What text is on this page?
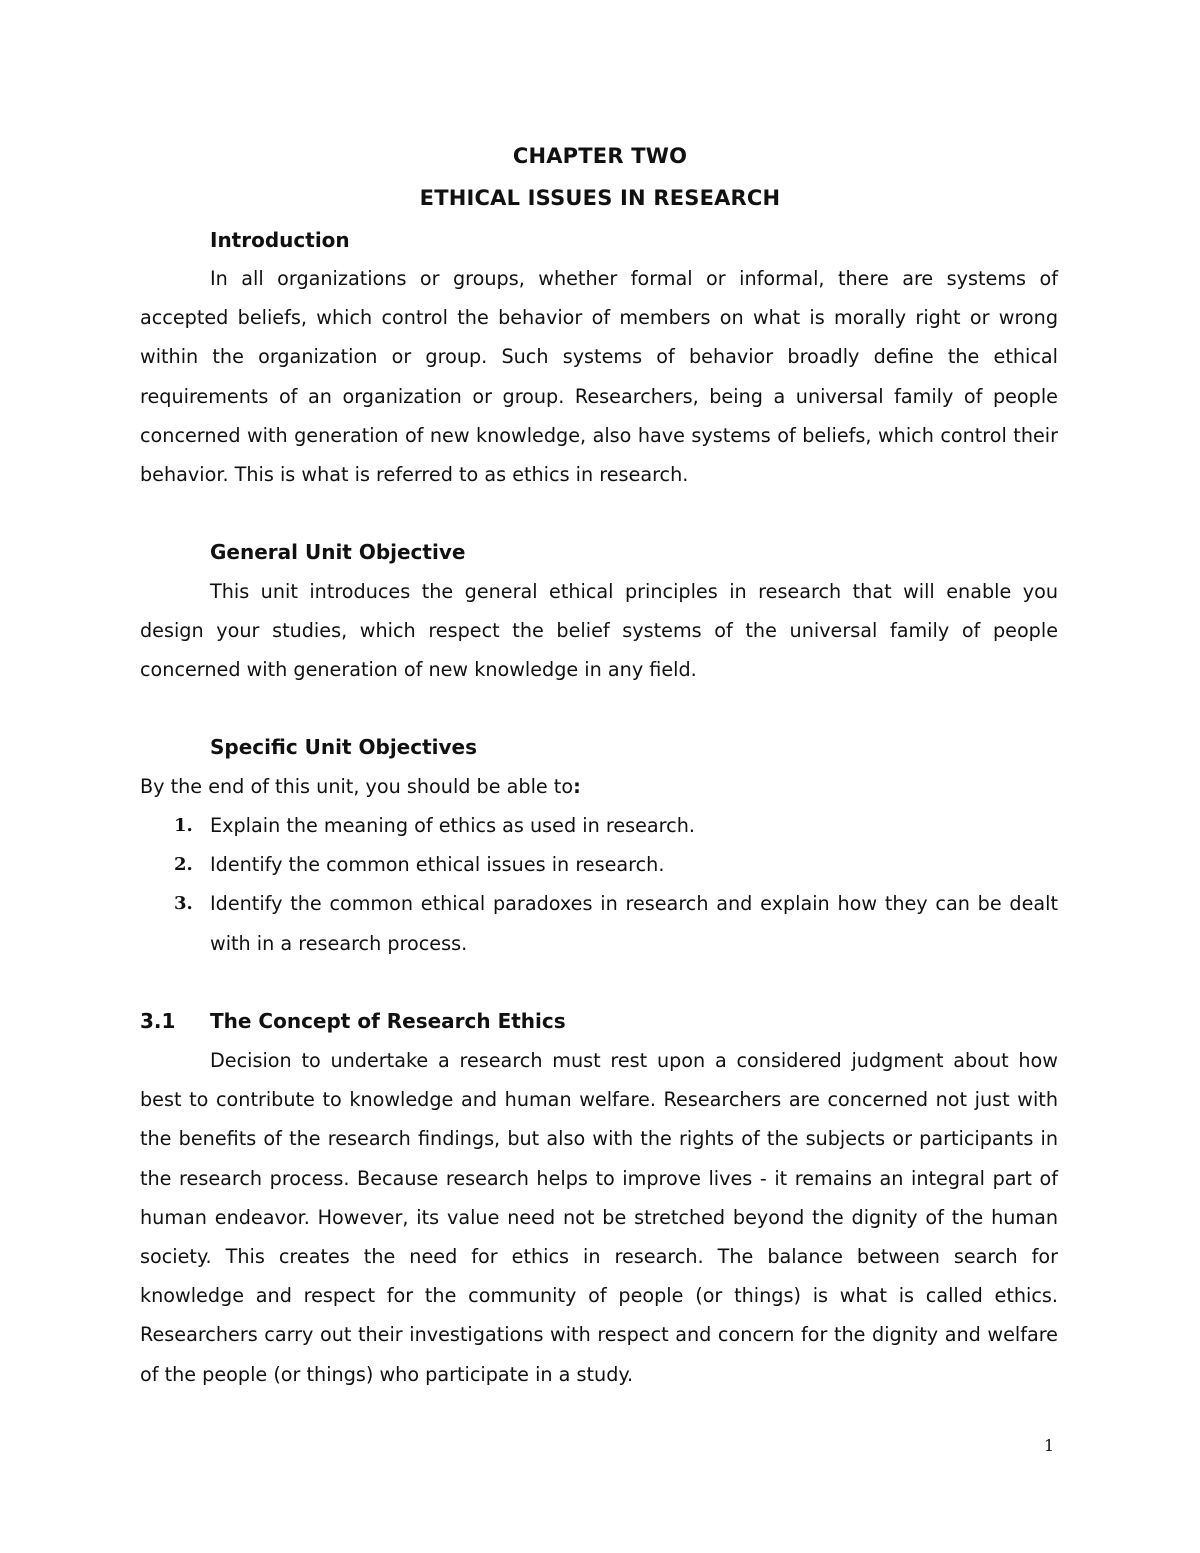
CHAPTER TWO
ETHICAL ISSUES IN RESEARCH
Introduction

In all organizations or groups, whether formal or informal, there are systems of accepted beliefs, which control the behavior of members on what is morally right or wrong within the organization or group. Such systems of behavior broadly define the ethical requirements of an organization or group. Researchers, being a universal family of people concerned with generation of new knowledge, also have systems of beliefs, which control their behavior. This is what is referred to as ethics in research.

General Unit Objective

This unit introduces the general ethical principles in research that will enable you design your studies, which respect the belief systems of the universal family of people concerned with generation of new knowledge in any field.

Specific Unit Objectives
By the end of this unit, you should be able to:
1. Explain the meaning of ethics as used in research.
2. Identify the common ethical issues in research.
3. Identify the common ethical paradoxes in research and explain how they can be dealt with in a research process.
3.1 The Concept of Research Ethics

Decision to undertake a research must rest upon a considered judgment about how best to contribute to knowledge and human welfare. Researchers are concerned not just with the benefits of the research findings, but also with the rights of the subjects or participants in the research process. Because research helps to improve lives - it remains an integral part of human endeavor. However, its value need not be stretched beyond the dignity of the human society. This creates the need for ethics in research. The balance between search for knowledge and respect for the community of people (or things) is what is called ethics. Researchers carry out their investigations with respect and concern for the dignity and welfare of the people (or things) who participate in a study.

1
